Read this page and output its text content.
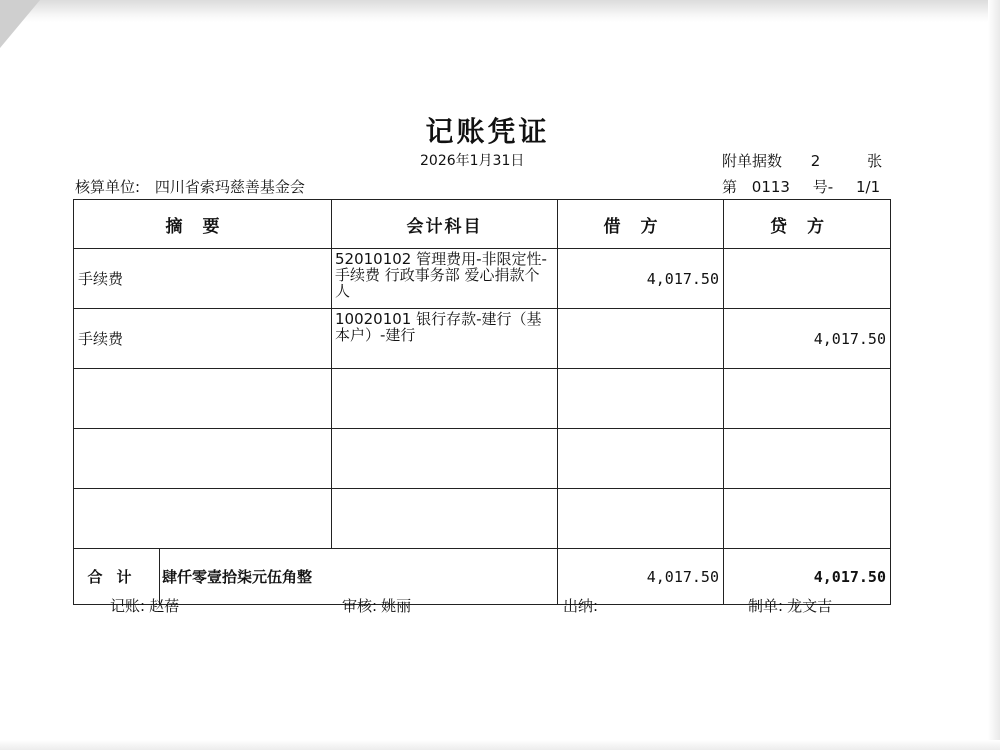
记账凭证
2026年1月31日	附单据数 2	张
核算单位: 四川省索玛慈善基金会	第 0113 号- 1/1
摘要		会计科目	借方	贷方
手续费		52010102 管理费用-非限定性-手续费 行政事务部 爱心捐款个人	4,017.50	
手续费		10020101 银行存款-建行（基本户）-建行		4,017.50

合计	肆仟零壹拾柒元伍角整		4,017.50	4,017.50
记账: 赵蓓	审核: 姚丽	出纳:	制单: 龙文吉
